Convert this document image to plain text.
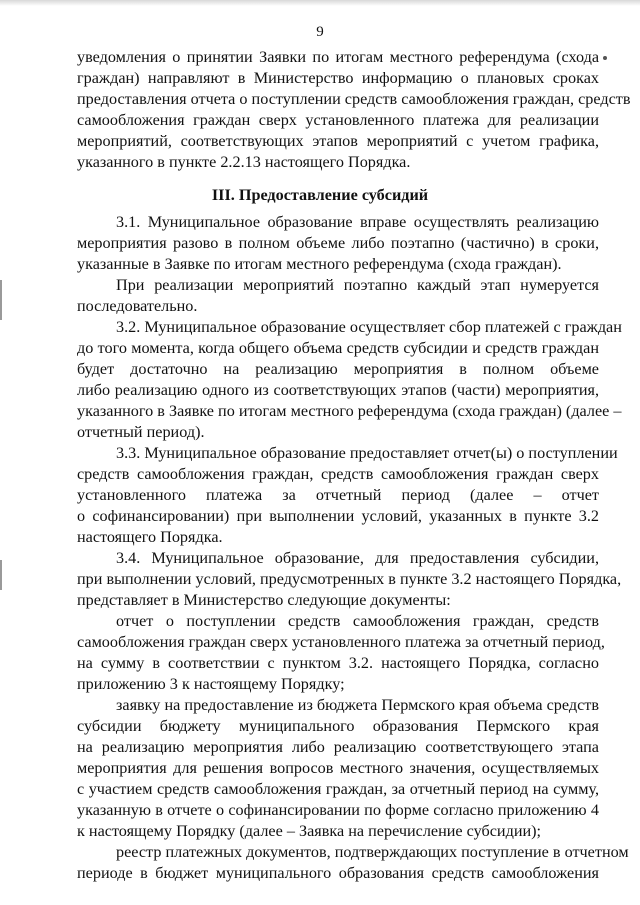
9
уведомления о принятии Заявки по итогам местного референдума (схода
граждан) направляют в Министерство информацию о плановых сроках
предоставления отчета о поступлении средств самообложения граждан, средств
самообложения граждан сверх установленного платежа для реализации
мероприятий, соответствующих этапов мероприятий с учетом графика,
указанного в пункте 2.2.13 настоящего Порядка.
III. Предоставление субсидий
3.1. Муниципальное образование вправе осуществлять реализацию
мероприятия разово в полном объеме либо поэтапно (частично) в сроки,
указанные в Заявке по итогам местного референдума (схода граждан).
При реализации мероприятий поэтапно каждый этап нумеруется
последовательно.
3.2. Муниципальное образование осуществляет сбор платежей с граждан
до того момента, когда общего объема средств субсидии и средств граждан
будет достаточно на реализацию мероприятия в полном объеме
либо реализацию одного из соответствующих этапов (части) мероприятия,
указанного в Заявке по итогам местного референдума (схода граждан) (далее –
отчетный период).
3.3. Муниципальное образование предоставляет отчет(ы) о поступлении
средств самообложения граждан, средств самообложения граждан сверх
установленного платежа за отчетный период (далее – отчет
о софинансировании) при выполнении условий, указанных в пункте 3.2
настоящего Порядка.
3.4. Муниципальное образование, для предоставления субсидии,
при выполнении условий, предусмотренных в пункте 3.2 настоящего Порядка,
представляет в Министерство следующие документы:
отчет о поступлении средств самообложения граждан, средств
самообложения граждан сверх установленного платежа за отчетный период,
на сумму в соответствии с пунктом 3.2. настоящего Порядка, согласно
приложению 3 к настоящему Порядку;
заявку на предоставление из бюджета Пермского края объема средств
субсидии бюджету муниципального образования Пермского края
на реализацию мероприятия либо реализацию соответствующего этапа
мероприятия для решения вопросов местного значения, осуществляемых
с участием средств самообложения граждан, за отчетный период на сумму,
указанную в отчете о софинансировании по форме согласно приложению 4
к настоящему Порядку (далее – Заявка на перечисление субсидии);
реестр платежных документов, подтверждающих поступление в отчетном
периоде в бюджет муниципального образования средств самообложения
